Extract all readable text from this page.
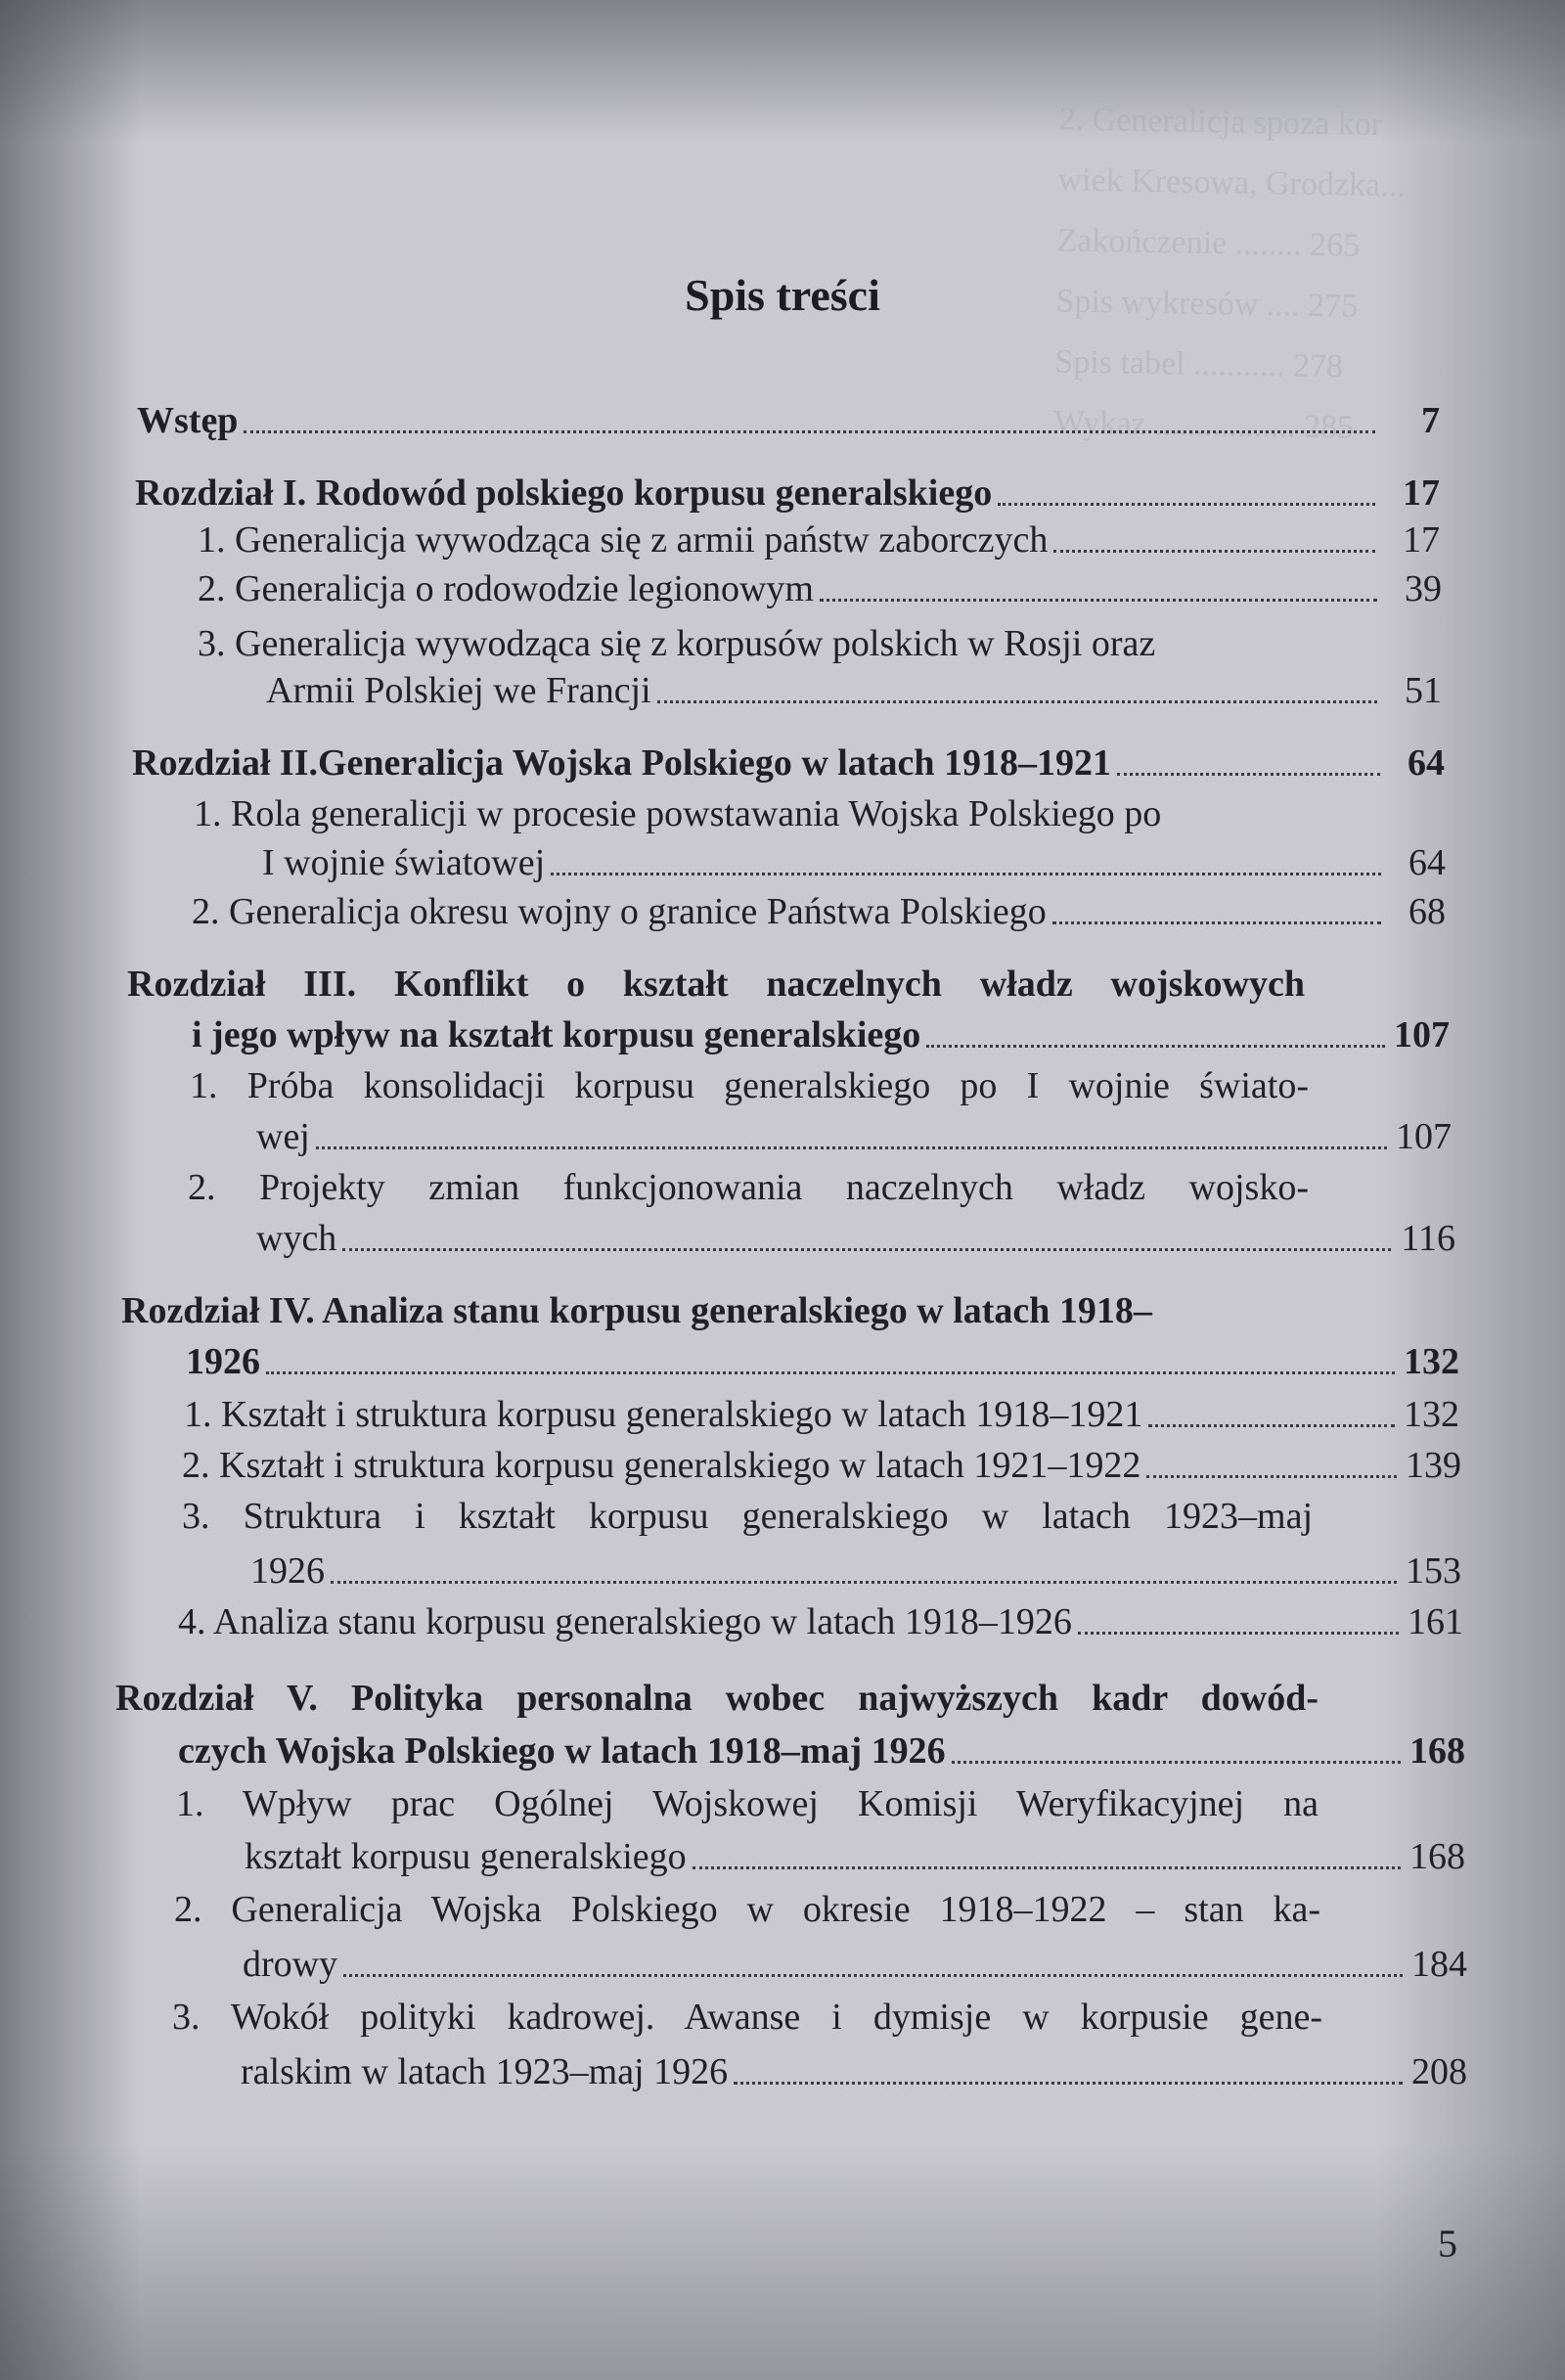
2. Generalicja spoza kor
wiek Kresowa, Grodzka...
Zakończenie ........ 265
Spis wykresów .... 275
Spis tabel ........... 278
Wykaz ................. 285
Spis treści
Wstęp	7
Rozdział I. Rodowód polskiego korpusu generalskiego	17
1. Generalicja wywodząca się z armii państw zaborczych	17
2. Generalicja o rodowodzie legionowym	39
3. Generalicja wywodząca się z korpusów polskich w Rosji oraz
Armii Polskiej we Francji	51
Rozdział II.Generalicja Wojska Polskiego w latach 1918–1921	64
1. Rola generalicji w procesie powstawania Wojska Polskiego po
I wojnie światowej	64
2. Generalicja okresu wojny o granice Państwa Polskiego	68
Rozdział III. Konflikt o kształt naczelnych władz wojskowych
i jego wpływ na kształt korpusu generalskiego	107
1. Próba konsolidacji korpusu generalskiego po I wojnie świato-
wej	107
2. Projekty zmian funkcjonowania naczelnych władz wojsko-
wych	116
Rozdział IV. Analiza stanu korpusu generalskiego w latach 1918–
1926	132
1. Kształt i struktura korpusu generalskiego w latach 1918–1921	132
2. Kształt i struktura korpusu generalskiego w latach 1921–1922	139
3. Struktura i kształt korpusu generalskiego w latach 1923–maj
1926	153
4. Analiza stanu korpusu generalskiego w latach 1918–1926	161
Rozdział V. Polityka personalna wobec najwyższych kadr dowód-
czych Wojska Polskiego w latach 1918–maj 1926	168
1. Wpływ prac Ogólnej Wojskowej Komisji Weryfikacyjnej na
kształt korpusu generalskiego	168
2. Generalicja Wojska Polskiego w okresie 1918–1922 – stan ka-
drowy	184
3. Wokół polityki kadrowej. Awanse i dymisje w korpusie gene-
ralskim w latach 1923–maj 1926	208
5
